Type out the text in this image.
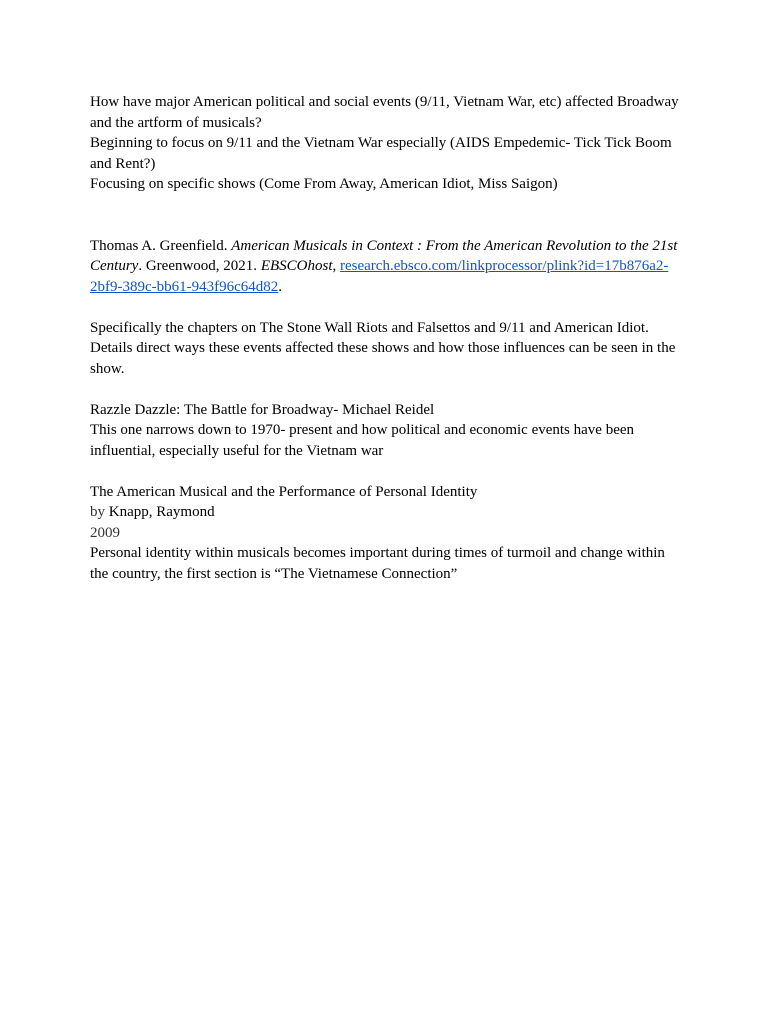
How have major American political and social events (9/11, Vietnam War, etc) affected Broadway and the artform of musicals?

Beginning to focus on 9/11 and the Vietnam War especially (AIDS Empedemic- Tick Tick Boom and Rent?)

Focusing on specific shows (Come From Away, American Idiot, Miss Saigon)

Thomas A. Greenfield. American Musicals in Context : From the American Revolution to the 21st Century. Greenwood, 2021. EBSCOhost, research.ebsco.com/linkprocessor/plink?id=17b876a2-2bf9-389c-bb61-943f96c64d82.

Specifically the chapters on The Stone Wall Riots and Falsettos and 9/11 and American Idiot. Details direct ways these events affected these shows and how those influences can be seen in the show.

Razzle Dazzle: The Battle for Broadway- Michael Reidel

This one narrows down to 1970- present and how political and economic events have been influential, especially useful for the Vietnam war

The American Musical and the Performance of Personal Identity

by Knapp, Raymond

2009

Personal identity within musicals becomes important during times of turmoil and change within the country, the first section is “The Vietnamese Connection”
